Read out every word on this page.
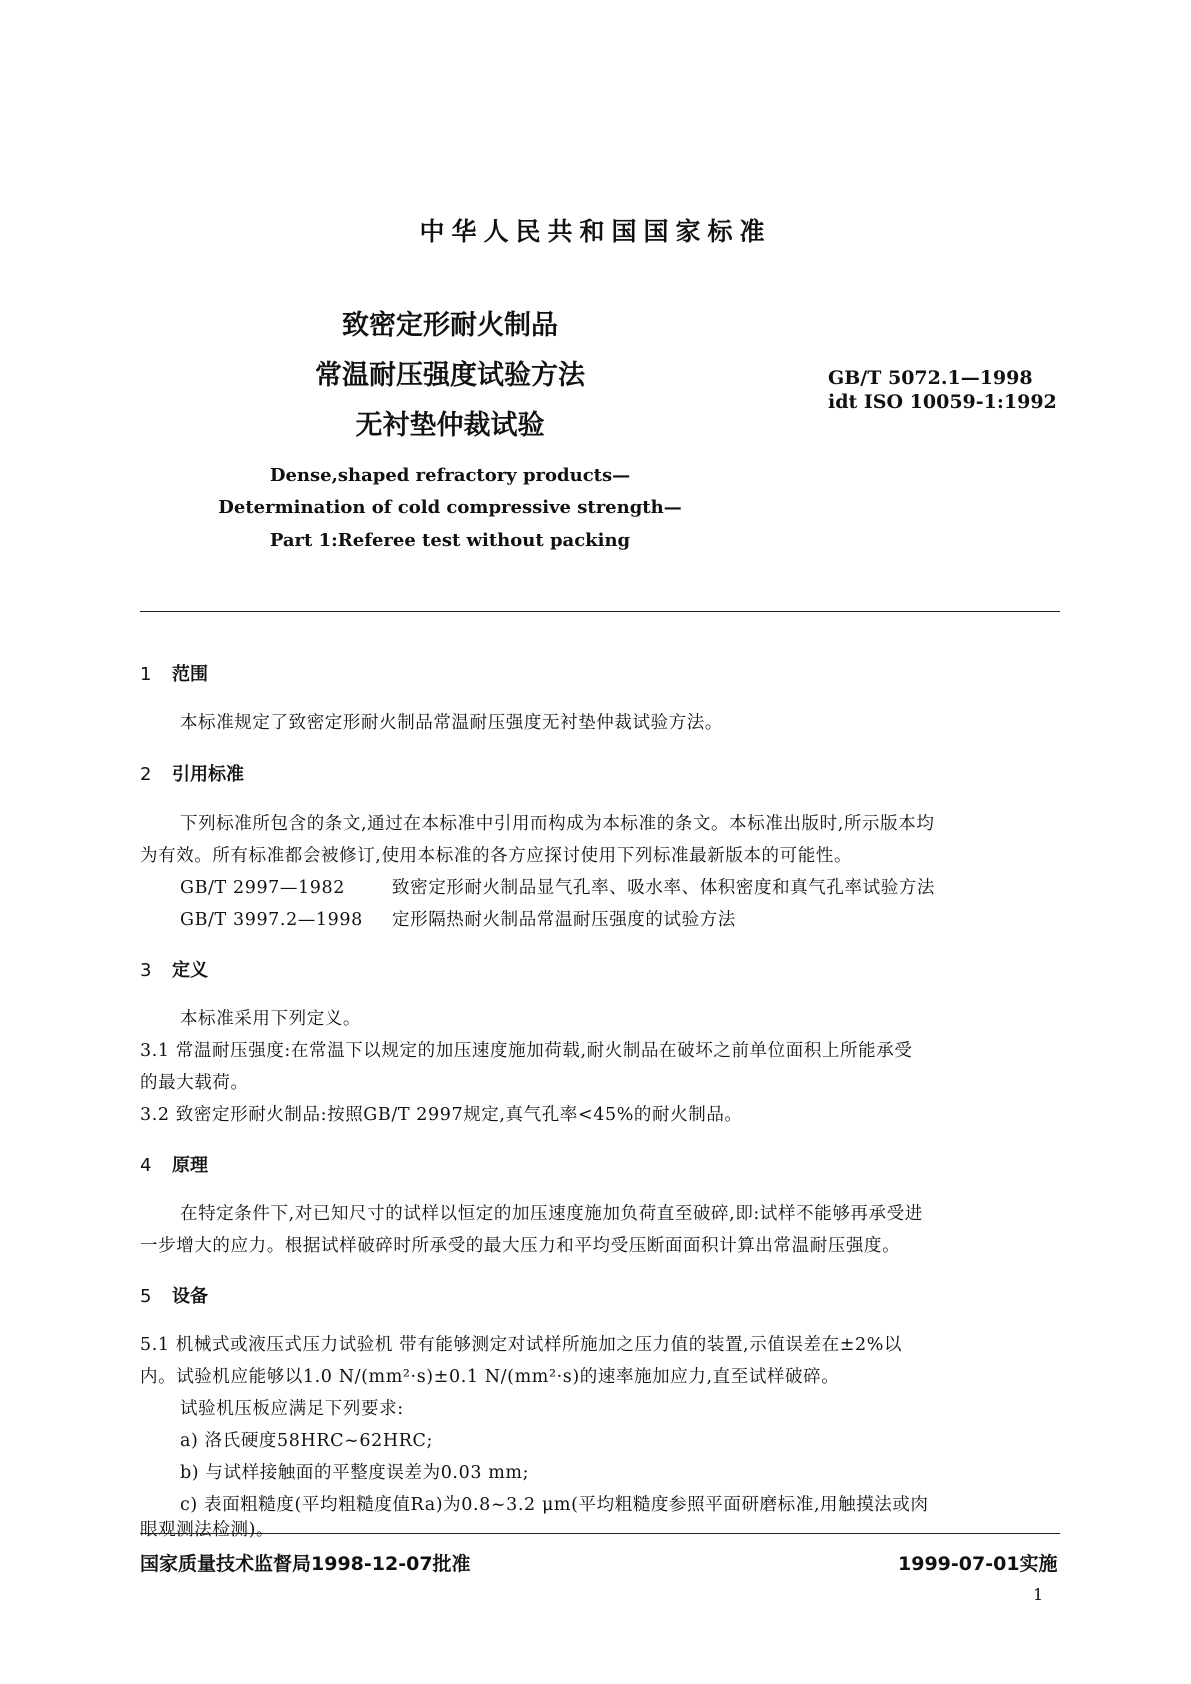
中华人民共和国国家标准
致密定形耐火制品
常温耐压强度试验方法
无衬垫仲裁试验
GB/T 5072.1—1998
idt ISO 10059-1:1992
Dense,shaped refractory products—
Determination of cold compressive strength—
Part 1:Referee test without packing
1 范围
本标准规定了致密定形耐火制品常温耐压强度无衬垫仲裁试验方法。
2 引用标准
下列标准所包含的条文,通过在本标准中引用而构成为本标准的条文。本标准出版时,所示版本均
为有效。所有标准都会被修订,使用本标准的各方应探讨使用下列标准最新版本的可能性。
GB/T 2997—1982	致密定形耐火制品显气孔率、吸水率、体积密度和真气孔率试验方法
GB/T 3997.2—1998 定形隔热耐火制品常温耐压强度的试验方法
3 定义
本标准采用下列定义。
3.1 常温耐压强度:在常温下以规定的加压速度施加荷载,耐火制品在破坏之前单位面积上所能承受
的最大载荷。
3.2 致密定形耐火制品:按照GB/T 2997规定,真气孔率<45%的耐火制品。
4 原理
在特定条件下,对已知尺寸的试样以恒定的加压速度施加负荷直至破碎,即:试样不能够再承受进
一步增大的应力。根据试样破碎时所承受的最大压力和平均受压断面面积计算出常温耐压强度。
5 设备
5.1 机械式或液压式压力试验机 带有能够测定对试样所施加之压力值的装置,示值误差在±2%以
内。试验机应能够以1.0 N/(mm²·s)±0.1 N/(mm²·s)的速率施加应力,直至试样破碎。
试验机压板应满足下列要求:
a) 洛氏硬度58HRC~62HRC;
b) 与试样接触面的平整度误差为0.03 mm;
c) 表面粗糙度(平均粗糙度值Ra)为0.8~3.2 μm(平均粗糙度参照平面研磨标准,用触摸法或肉
眼观测法检测)。
国家质量技术监督局1998-12-07批准	1999-07-01实施
1
